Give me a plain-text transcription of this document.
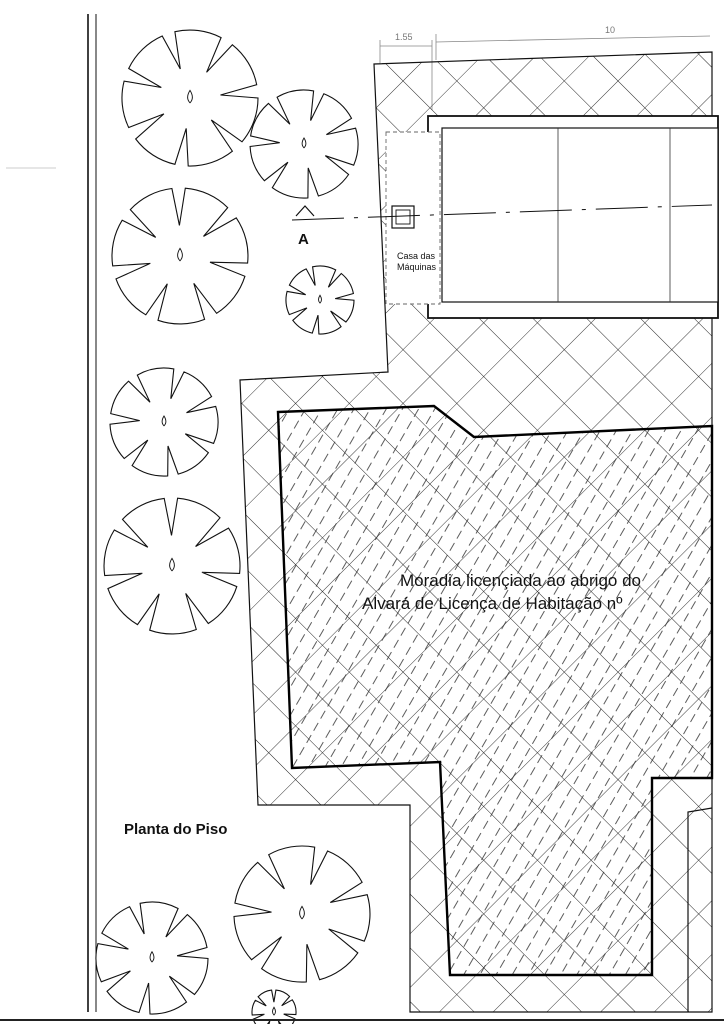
1.55
10
Casa das
Máquinas
A
Moradia licençiada ao abrigo do
Alvará de Licença de Habitação nº
Planta do Piso
